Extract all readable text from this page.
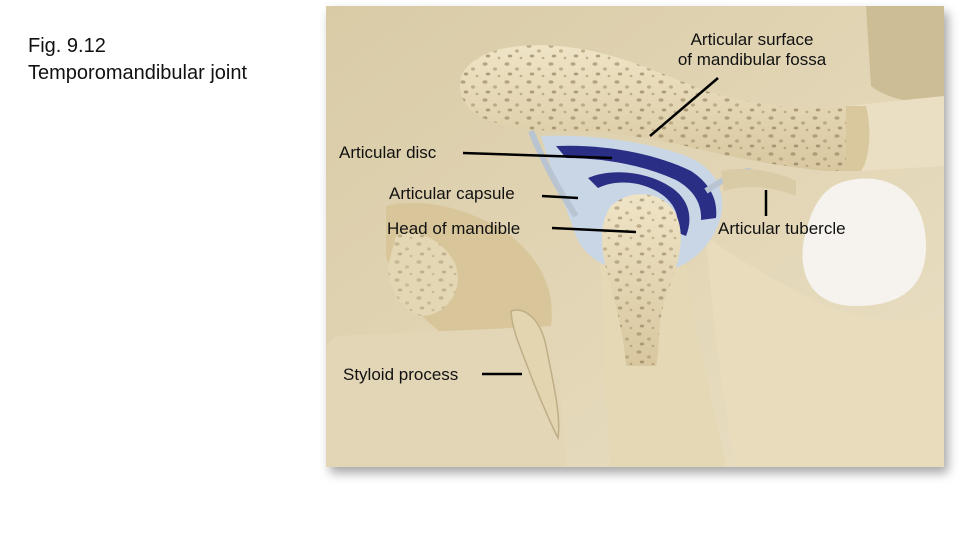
Fig. 9.12
Temporomandibular joint
Articular surface
of mandibular fossa
Articular disc
Articular capsule
Head of mandible	Articular tubercle
Styloid process
